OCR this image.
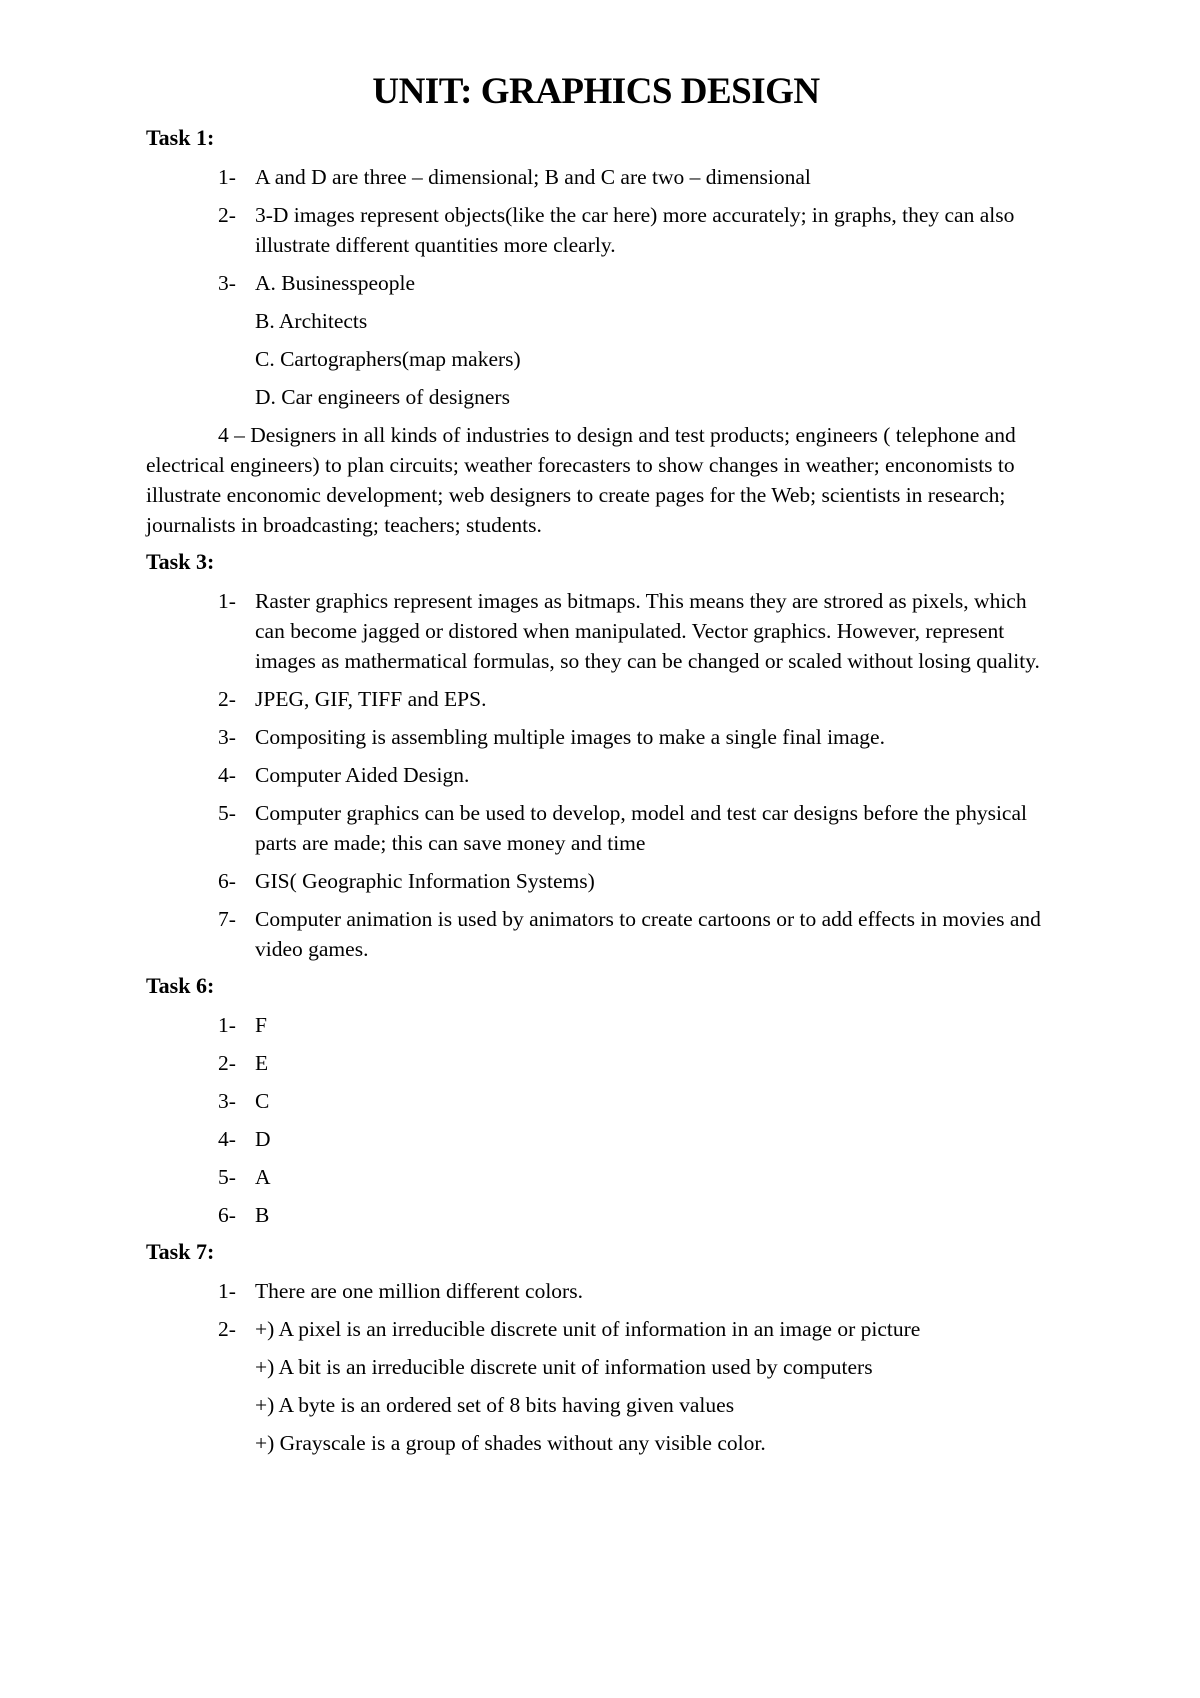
UNIT: GRAPHICS DESIGN
Task 1:
1- A and D are three – dimensional; B and C are two – dimensional
2- 3-D images represent objects(like the car here) more accurately; in graphs, they can also illustrate different quantities more clearly.
3- A. Businesspeople
B. Architects
C. Cartographers(map makers)
D. Car engineers of designers

4 – Designers in all kinds of industries to design and test products; engineers ( telephone and electrical engineers) to plan circuits; weather forecasters to show changes in weather; enconomists to illustrate enconomic development; web designers to create pages for the Web; scientists in research; journalists in broadcasting; teachers; students.

Task 3:
1- Raster graphics represent images as bitmaps. This means they are strored as pixels, which can become jagged or distored when manipulated. Vector graphics. However, represent images as mathermatical formulas, so they can be changed or scaled without losing quality.
2- JPEG, GIF, TIFF and EPS.
3- Compositing is assembling multiple images to make a single final image.
4- Computer Aided Design.
5- Computer graphics can be used to develop, model and test car designs before the physical parts are made; this can save money and time
6- GIS( Geographic Information Systems)
7- Computer animation is used by animators to create cartoons or to add effects in movies and video games.
Task 6:
1- F
2- E
3- C
4- D
5- A
6- B
Task 7:
1- There are one million different colors.
2- +) A pixel is an irreducible discrete unit of information in an image or picture
+) A bit is an irreducible discrete unit of information used by computers
+) A byte is an ordered set of 8 bits having given values
+) Grayscale is a group of shades without any visible color.
